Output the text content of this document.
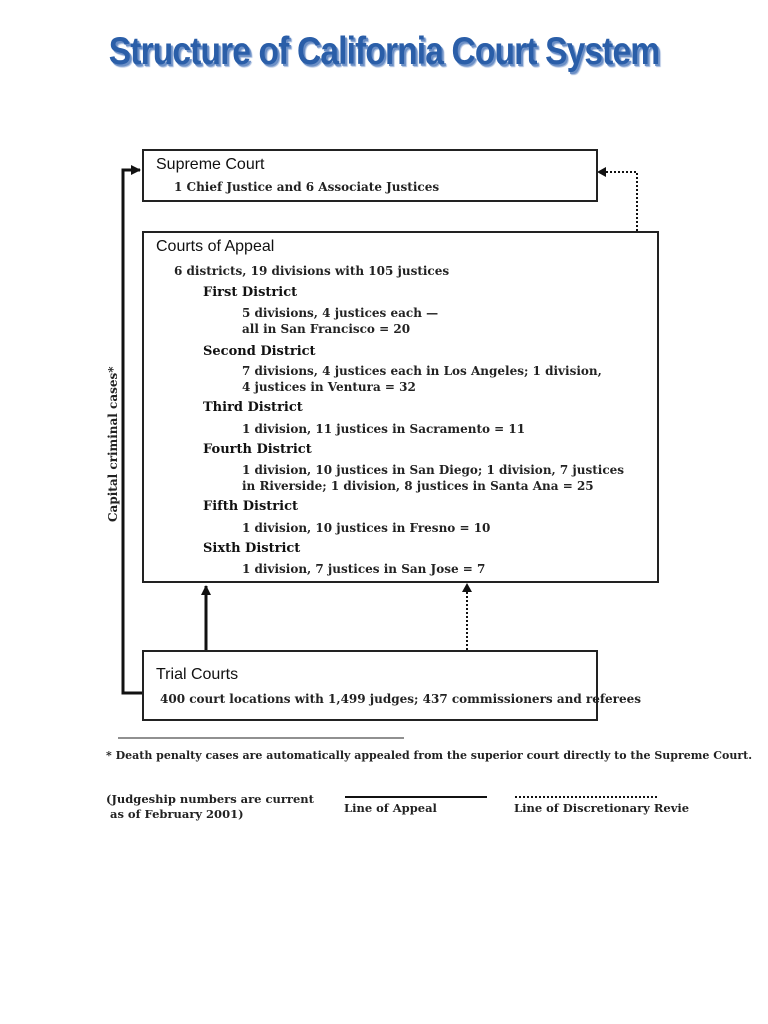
Structure of California Court System
Supreme Court
1 Chief Justice and 6 Associate Justices
Courts of Appeal
6 districts, 19 divisions with 105 justices
First District
5 divisions, 4 justices each —
all in San Francisco = 20
Second District
7 divisions, 4 justices each in Los Angeles; 1 division,
4 justices in Ventura = 32
Third District
1 division, 11 justices in Sacramento = 11
Fourth District
1 division, 10 justices in San Diego; 1 division, 7 justices
in Riverside; 1 division, 8 justices in Santa Ana = 25
Fifth District
1 division, 10 justices in Fresno = 10
Sixth District
1 division, 7 justices in San Jose = 7
Trial Courts
400 court locations with 1,499 judges; 437 commissioners and referees
Capital criminal cases*
* Death penalty cases are automatically appealed from the superior court directly to the Supreme Court.
(Judgeship numbers are current
as of February 2001)	Line of Appeal	Line of Discretionary Revie
